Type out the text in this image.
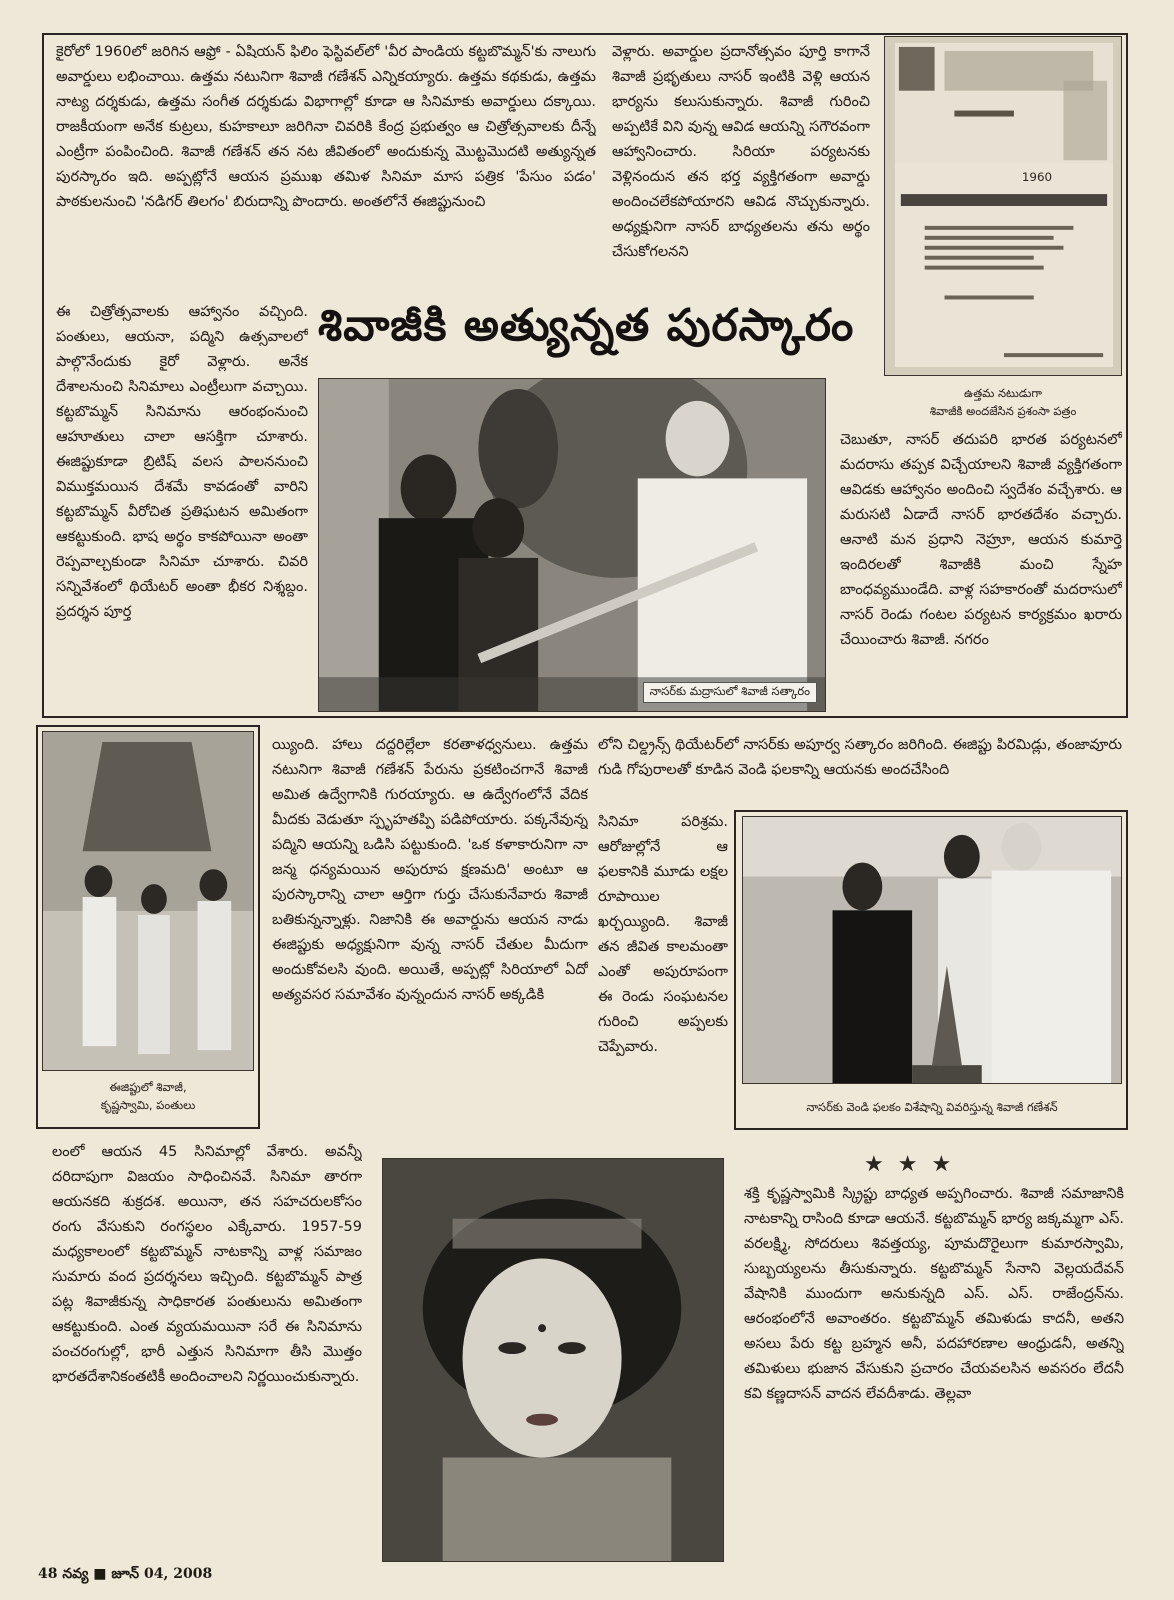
కైరోలో 1960లో జరిగిన ఆఫ్రో - ఏషియన్ ఫిలిం ఫెస్టివల్‌లో 'వీర పాండియ కట్టబొమ్మన్'కు నాలుగు అవార్డులు లభించాయి. ఉత్తమ నటునిగా శివాజీ గణేశన్ ఎన్నికయ్యారు. ఉత్తమ కథకుడు, ఉత్తమ నాట్య దర్శకుడు, ఉత్తమ సంగీత దర్శకుడు విభాగాల్లో కూడా ఆ సినిమాకు అవార్డులు దక్కాయి. రాజకీయంగా అనేక కుట్రలు, కుహకాలూ జరిగినా చివరికి కేంద్ర ప్రభుత్వం ఆ చిత్రోత్సవాలకు దీన్నే ఎంట్రీగా పంపించింది. శివాజీ గణేశన్ తన నట జీవితంలో అందుకున్న మొట్టమొదటి అత్యున్నత పురస్కారం ఇది. అప్పట్లోనే ఆయన ప్రముఖ తమిళ సినిమా మాస పత్రిక 'పేసుం పడం' పాఠకులనుంచి 'నడిగర్ తిలగం' బిరుదాన్ని పొందారు. అంతలోనే ఈజిప్టునుంచి

ఈ చిత్రోత్సవాలకు ఆహ్వానం వచ్చింది. పంతులు, ఆయనా, పద్మిని ఉత్సవాలలో పాల్గొనేందుకు కైరో వెళ్లారు. అనేక దేశాలనుంచి సినిమాలు ఎంట్రీలుగా వచ్చాయి. కట్టబొమ్మన్ సినిమాను ఆరంభంనుంచి ఆహూతులు చాలా ఆసక్తిగా చూశారు. ఈజిప్టుకూడా బ్రిటిష్ వలస పాలననుంచి విముక్తమయిన దేశమే కావడంతో వారిని కట్టబొమ్మన్ వీరోచిత ప్రతిఘటన అమితంగా ఆకట్టుకుంది. భాష అర్థం కాకపోయినా అంతా రెప్పవాల్చకుండా సినిమా చూశారు. చివరి సన్నివేశంలో థియేటర్ అంతా భీకర నిశ్శబ్దం. ప్రదర్శన పూర్త

వెళ్లారు. అవార్డుల ప్రదానోత్సవం పూర్తి కాగానే శివాజీ ప్రభృతులు నాసర్ ఇంటికి వెళ్లి ఆయన భార్యను కలుసుకున్నారు. శివాజీ గురించి అప్పటికే విని వున్న ఆవిడ ఆయన్ని సగౌరవంగా ఆహ్వానించారు. సిరియా పర్యటనకు వెళ్లినందున తన భర్త వ్యక్తిగతంగా అవార్డు అందించలేకపోయారని ఆవిడ నొచ్చుకున్నారు. అధ్యక్షునిగా నాసర్ బాధ్యతలను తను అర్థం చేసుకోగలనని

1960
ఉత్తమ నటుడుగా
శివాజీకి అందజేసిన ప్రశంసా పత్రం
శివాజీకి అత్యున్నత పురస్కారం
నాసర్‌కు మద్రాసులో శివాజీ సత్కారం

చెబుతూ, నాసర్ తదుపరి భారత పర్యటనలో మదరాసు తప్పక విచ్చేయాలని శివాజీ వ్యక్తిగతంగా ఆవిడకు ఆహ్వానం అందించి స్వదేశం వచ్చేశారు. ఆ మరుసటి ఏడాదే నాసర్ భారతదేశం వచ్చారు. ఆనాటి మన ప్రధాని నెహ్రూ, ఆయన కుమార్తె ఇందిరలతో శివాజీకి మంచి స్నేహ బాంధవ్యముండేది. వాళ్ల సహకారంతో మదరాసులో నాసర్ రెండు గంటల పర్యటన కార్యక్రమం ఖరారు చేయించారు శివాజీ. నగరం

ఈజిప్టులో శివాజీ,
కృష్ణస్వామి, పంతులు

య్యింది. హాలు దద్దరిల్లేలా కరతాళధ్వనులు. ఉత్తమ నటునిగా శివాజీ గణేశన్ పేరును ప్రకటించగానే శివాజీ అమిత ఉద్వేగానికి గురయ్యారు. ఆ ఉద్వేగంలోనే వేదిక మీదకు వెడుతూ స్పృహతప్పి పడిపోయారు. పక్కనేవున్న పద్మిని ఆయన్ని ఒడిసి పట్టుకుంది. 'ఒక కళాకారునిగా నా జన్మ ధన్యమయిన అపురూప క్షణమది' అంటూ ఆ పురస్కారాన్ని చాలా ఆర్తిగా గుర్తు చేసుకునేవారు శివాజీ బతికున్నన్నాళ్లు. నిజానికి ఈ అవార్డును ఆయన నాడు ఈజిప్టుకు అధ్యక్షునిగా వున్న నాసర్ చేతుల మీదుగా అందుకోవలసి వుంది. అయితే, అప్పట్లో సిరియాలో ఏదో అత్యవసర సమావేశం వున్నందున నాసర్ అక్కడికి

లోని చిల్డ్రన్స్ థియేటర్‌లో నాసర్‌కు అపూర్వ సత్కారం జరిగింది. ఈజిప్టు పిరమిడ్లు, తంజావూరు గుడి గోపురాలతో కూడిన వెండి ఫలకాన్ని ఆయనకు అందచేసింది

సినిమా పరిశ్రమ. ఆరోజుల్లోనే ఆ ఫలకానికి మూడు లక్షల రూపాయిల ఖర్చయ్యింది. శివాజీ తన జీవిత కాలమంతా ఎంతో అపురూపంగా ఈ రెండు సంఘటనల గురించి అప్పలకు చెప్పేవారు.

నాసర్‌కు వెండి ఫలకం విశేషాన్ని వివరిస్తున్న శివాజీ గణేశన్

లంలో ఆయన 45 సినిమాల్లో వేశారు. అవన్నీ దరిదాపుగా విజయం సాధించినవే. సినిమా తారగా ఆయనకది శుక్రదశ. అయినా, తన సహచరులకోసం రంగు వేసుకుని రంగస్థలం ఎక్కేవారు. 1957-59 మధ్యకాలంలో కట్టబొమ్మన్ నాటకాన్ని వాళ్ల సమాజం సుమారు వంద ప్రదర్శనలు ఇచ్చింది. కట్టబొమ్మన్ పాత్ర పట్ల శివాజీకున్న సాధికారత పంతులును అమితంగా ఆకట్టుకుంది. ఎంత వ్యయమయినా సరే ఈ సినిమాను పంచరంగుల్లో, భారీ ఎత్తున సినిమాగా తీసి మొత్తం భారతదేశానికంతటికీ అందించాలని నిర్ణయించుకున్నారు.

★★★

శక్తి కృష్ణస్వామికి స్క్రిప్టు బాధ్యత అప్పగించారు. శివాజీ సమాజానికి నాటకాన్ని రాసింది కూడా ఆయనే. కట్టబొమ్మన్ భార్య జక్కమ్మగా ఎస్. వరలక్ష్మి, సోదరులు శివత్తయ్య, పూమదొరైలుగా కుమారస్వామి, సుబ్బయ్యలను తీసుకున్నారు. కట్టబొమ్మన్ సేనాని వెల్లయదేవన్ వేషానికి ముందుగా అనుకున్నది ఎస్. ఎస్. రాజేంద్రన్‌ను. ఆరంభంలోనే అవాంతరం. కట్టబొమ్మన్ తమిళుడు కాదనీ, అతని అసలు పేరు కట్ట బ్రహ్మన అనీ, పదహారణాల ఆంధ్రుడనీ, అతన్ని తమిళులు భుజాన వేసుకుని ప్రచారం చేయవలసిన అవసరం లేదనీ కవి కణ్ణదాసన్ వాదన లేవదీశాడు. తెల్లవా

48 నవ్య ■ జూన్ 04, 2008
